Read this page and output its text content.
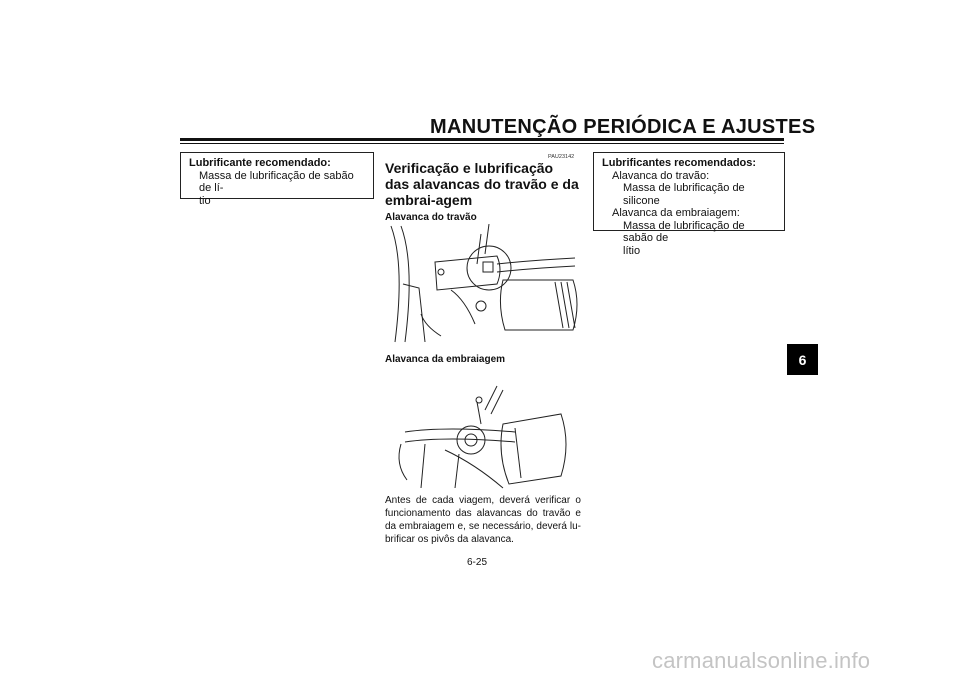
MANUTENÇÃO PERIÓDICA E AJUSTES
Lubrificante recomendado:
Massa de lubrificação de sabão de lí-
tio
PAU23142
Verificação e lubrificação das alavancas do travão e da embrai-agem
Alavanca do travão
Alavanca da embraiagem
Antes de cada viagem, deverá verificar o funcionamento das alavancas do travão e da embraiagem e, se necessário, deverá lu-brificar os pivôs da alavanca.
Lubrificantes recomendados:
Alavanca do travão:
Massa de lubrificação de silicone
Alavanca da embraiagem:
Massa de lubrificação de sabão de
lítio
6-25
6
carmanualsonline.info
